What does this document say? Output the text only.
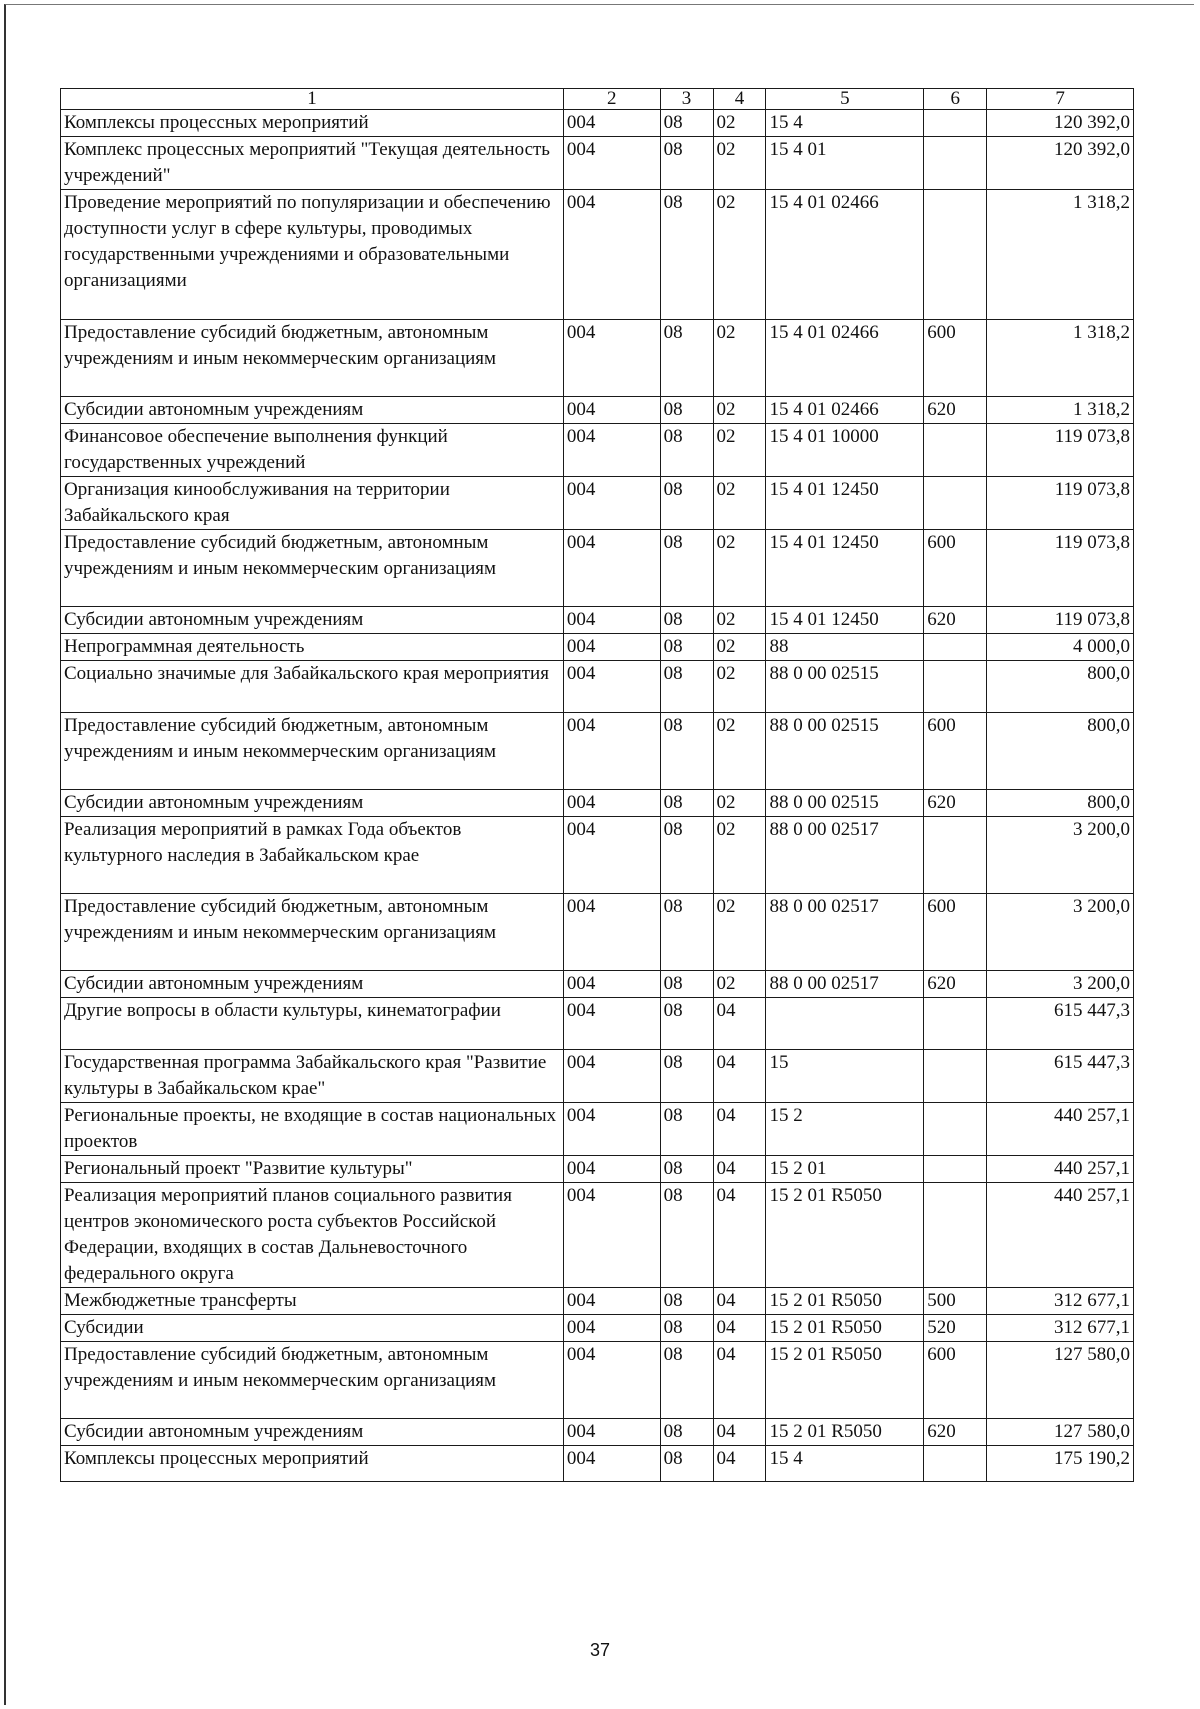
1	2	3	4	5	6	7
Комплексы процессных мероприятий	004	08	02	15 4		120 392,0
Комплекс процессных мероприятий "Текущая деятельность учреждений"	004	08	02	15 4 01		120 392,0
Проведение мероприятий по популяризации и обеспечению доступности услуг в сфере культуры, проводимых государственными учреждениями и образовательными организациями	004	08	02	15 4 01 02466		1 318,2
Предоставление субсидий бюджетным, автономным учреждениям и иным некоммерческим организациям	004	08	02	15 4 01 02466	600	1 318,2
Субсидии автономным учреждениям	004	08	02	15 4 01 02466	620	1 318,2
Финансовое обеспечение выполнения функций государственных учреждений	004	08	02	15 4 01 10000		119 073,8
Организация кинообслуживания на территории Забайкальского края	004	08	02	15 4 01 12450		119 073,8
Предоставление субсидий бюджетным, автономным учреждениям и иным некоммерческим организациям	004	08	02	15 4 01 12450	600	119 073,8
Субсидии автономным учреждениям	004	08	02	15 4 01 12450	620	119 073,8
Непрограммная деятельность	004	08	02	88		4 000,0
Социально значимые для Забайкальского края мероприятия	004	08	02	88 0 00 02515		800,0
Предоставление субсидий бюджетным, автономным учреждениям и иным некоммерческим организациям	004	08	02	88 0 00 02515	600	800,0
Субсидии автономным учреждениям	004	08	02	88 0 00 02515	620	800,0
Реализация мероприятий в рамках Года объектов культурного наследия в Забайкальском крае	004	08	02	88 0 00 02517		3 200,0
Предоставление субсидий бюджетным, автономным учреждениям и иным некоммерческим организациям	004	08	02	88 0 00 02517	600	3 200,0
Субсидии автономным учреждениям	004	08	02	88 0 00 02517	620	3 200,0
Другие вопросы в области культуры, кинематографии	004	08	04			615 447,3
Государственная программа Забайкальского края "Развитие культуры в Забайкальском крае"	004	08	04	15		615 447,3
Региональные проекты, не входящие в состав национальных проектов	004	08	04	15 2		440 257,1
Региональный проект "Развитие культуры"	004	08	04	15 2 01		440 257,1
Реализация мероприятий планов социального развития центров экономического роста субъектов Российской Федерации, входящих в состав Дальневосточного федерального округа	004	08	04	15 2 01 R5050		440 257,1
Межбюджетные трансферты	004	08	04	15 2 01 R5050	500	312 677,1
Субсидии	004	08	04	15 2 01 R5050	520	312 677,1
Предоставление субсидий бюджетным, автономным учреждениям и иным некоммерческим организациям	004	08	04	15 2 01 R5050	600	127 580,0
Субсидии автономным учреждениям	004	08	04	15 2 01 R5050	620	127 580,0
Комплексы процессных мероприятий	004	08	04	15 4		175 190,2
37
